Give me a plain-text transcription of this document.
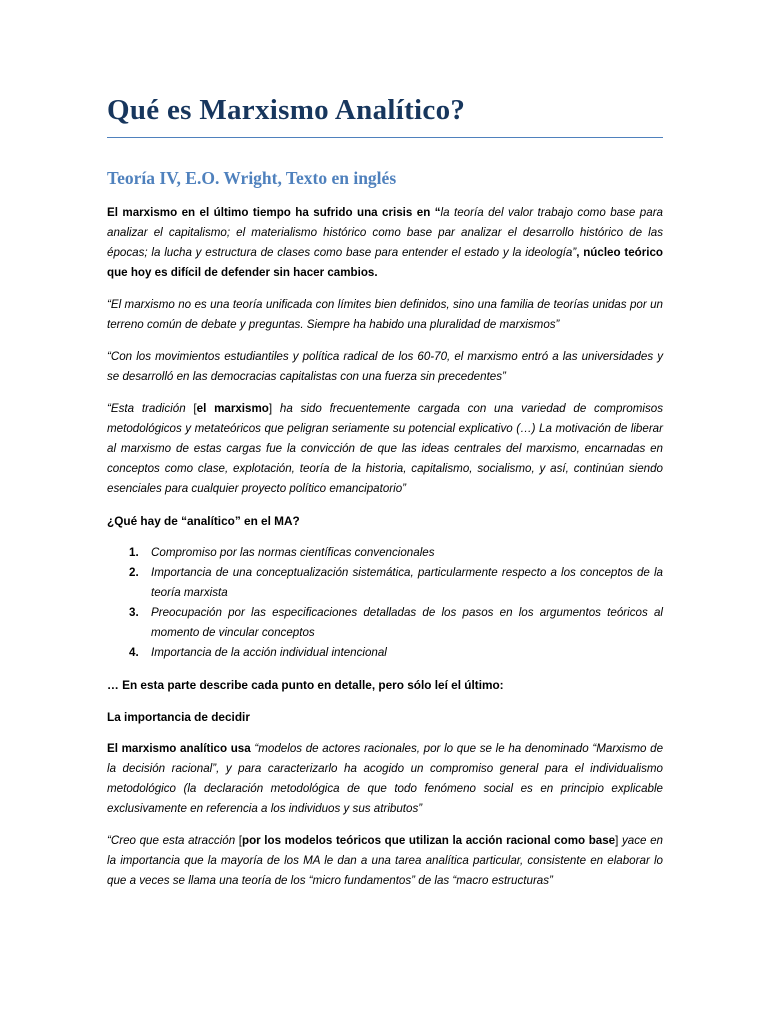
Qué es Marxismo Analítico?
Teoría IV, E.O. Wright, Texto en inglés

El marxismo en el último tiempo ha sufrido una crisis en “la teoría del valor trabajo como base para analizar el capitalismo; el materialismo histórico como base par analizar el desarrollo histórico de las épocas; la lucha y estructura de clases como base para entender el estado y la ideología”, núcleo teórico que hoy es difícil de defender sin hacer cambios.

“El marxismo no es una teoría unificada con límites bien definidos, sino una familia de teorías unidas por un terreno común de debate y preguntas. Siempre ha habido una pluralidad de marxismos”

“Con los movimientos estudiantiles y política radical de los 60-70, el marxismo entró a las universidades y se desarrolló en las democracias capitalistas con una fuerza sin precedentes”

“Esta tradición [el marxismo] ha sido frecuentemente cargada con una variedad de compromisos metodológicos y metateóricos que peligran seriamente su potencial explicativo (…) La motivación de liberar al marxismo de estas cargas fue la convicción de que las ideas centrales del marxismo, encarnadas en conceptos como clase, explotación, teoría de la historia, capitalismo, socialismo, y así, continúan siendo esenciales para cualquier proyecto político emancipatorio”

¿Qué hay de “analítico” en el MA?
1. Compromiso por las normas científicas convencionales
2. Importancia de una conceptualización sistemática, particularmente respecto a los conceptos de la teoría marxista
3. Preocupación por las especificaciones detalladas de los pasos en los argumentos teóricos al momento de vincular conceptos
4. Importancia de la acción individual intencional
… En esta parte describe cada punto en detalle, pero sólo leí el último:
La importancia de decidir

El marxismo analítico usa “modelos de actores racionales, por lo que se le ha denominado “Marxismo de la decisión racional”, y para caracterizarlo ha acogido un compromiso general para el individualismo metodológico (la declaración metodológica de que todo fenómeno social es en principio explicable exclusivamente en referencia a los individuos y sus atributos”

“Creo que esta atracción [por los modelos teóricos que utilizan la acción racional como base] yace en la importancia que la mayoría de los MA le dan a una tarea analítica particular, consistente en elaborar lo que a veces se llama una teoría de los “micro fundamentos” de las “macro estructuras”
